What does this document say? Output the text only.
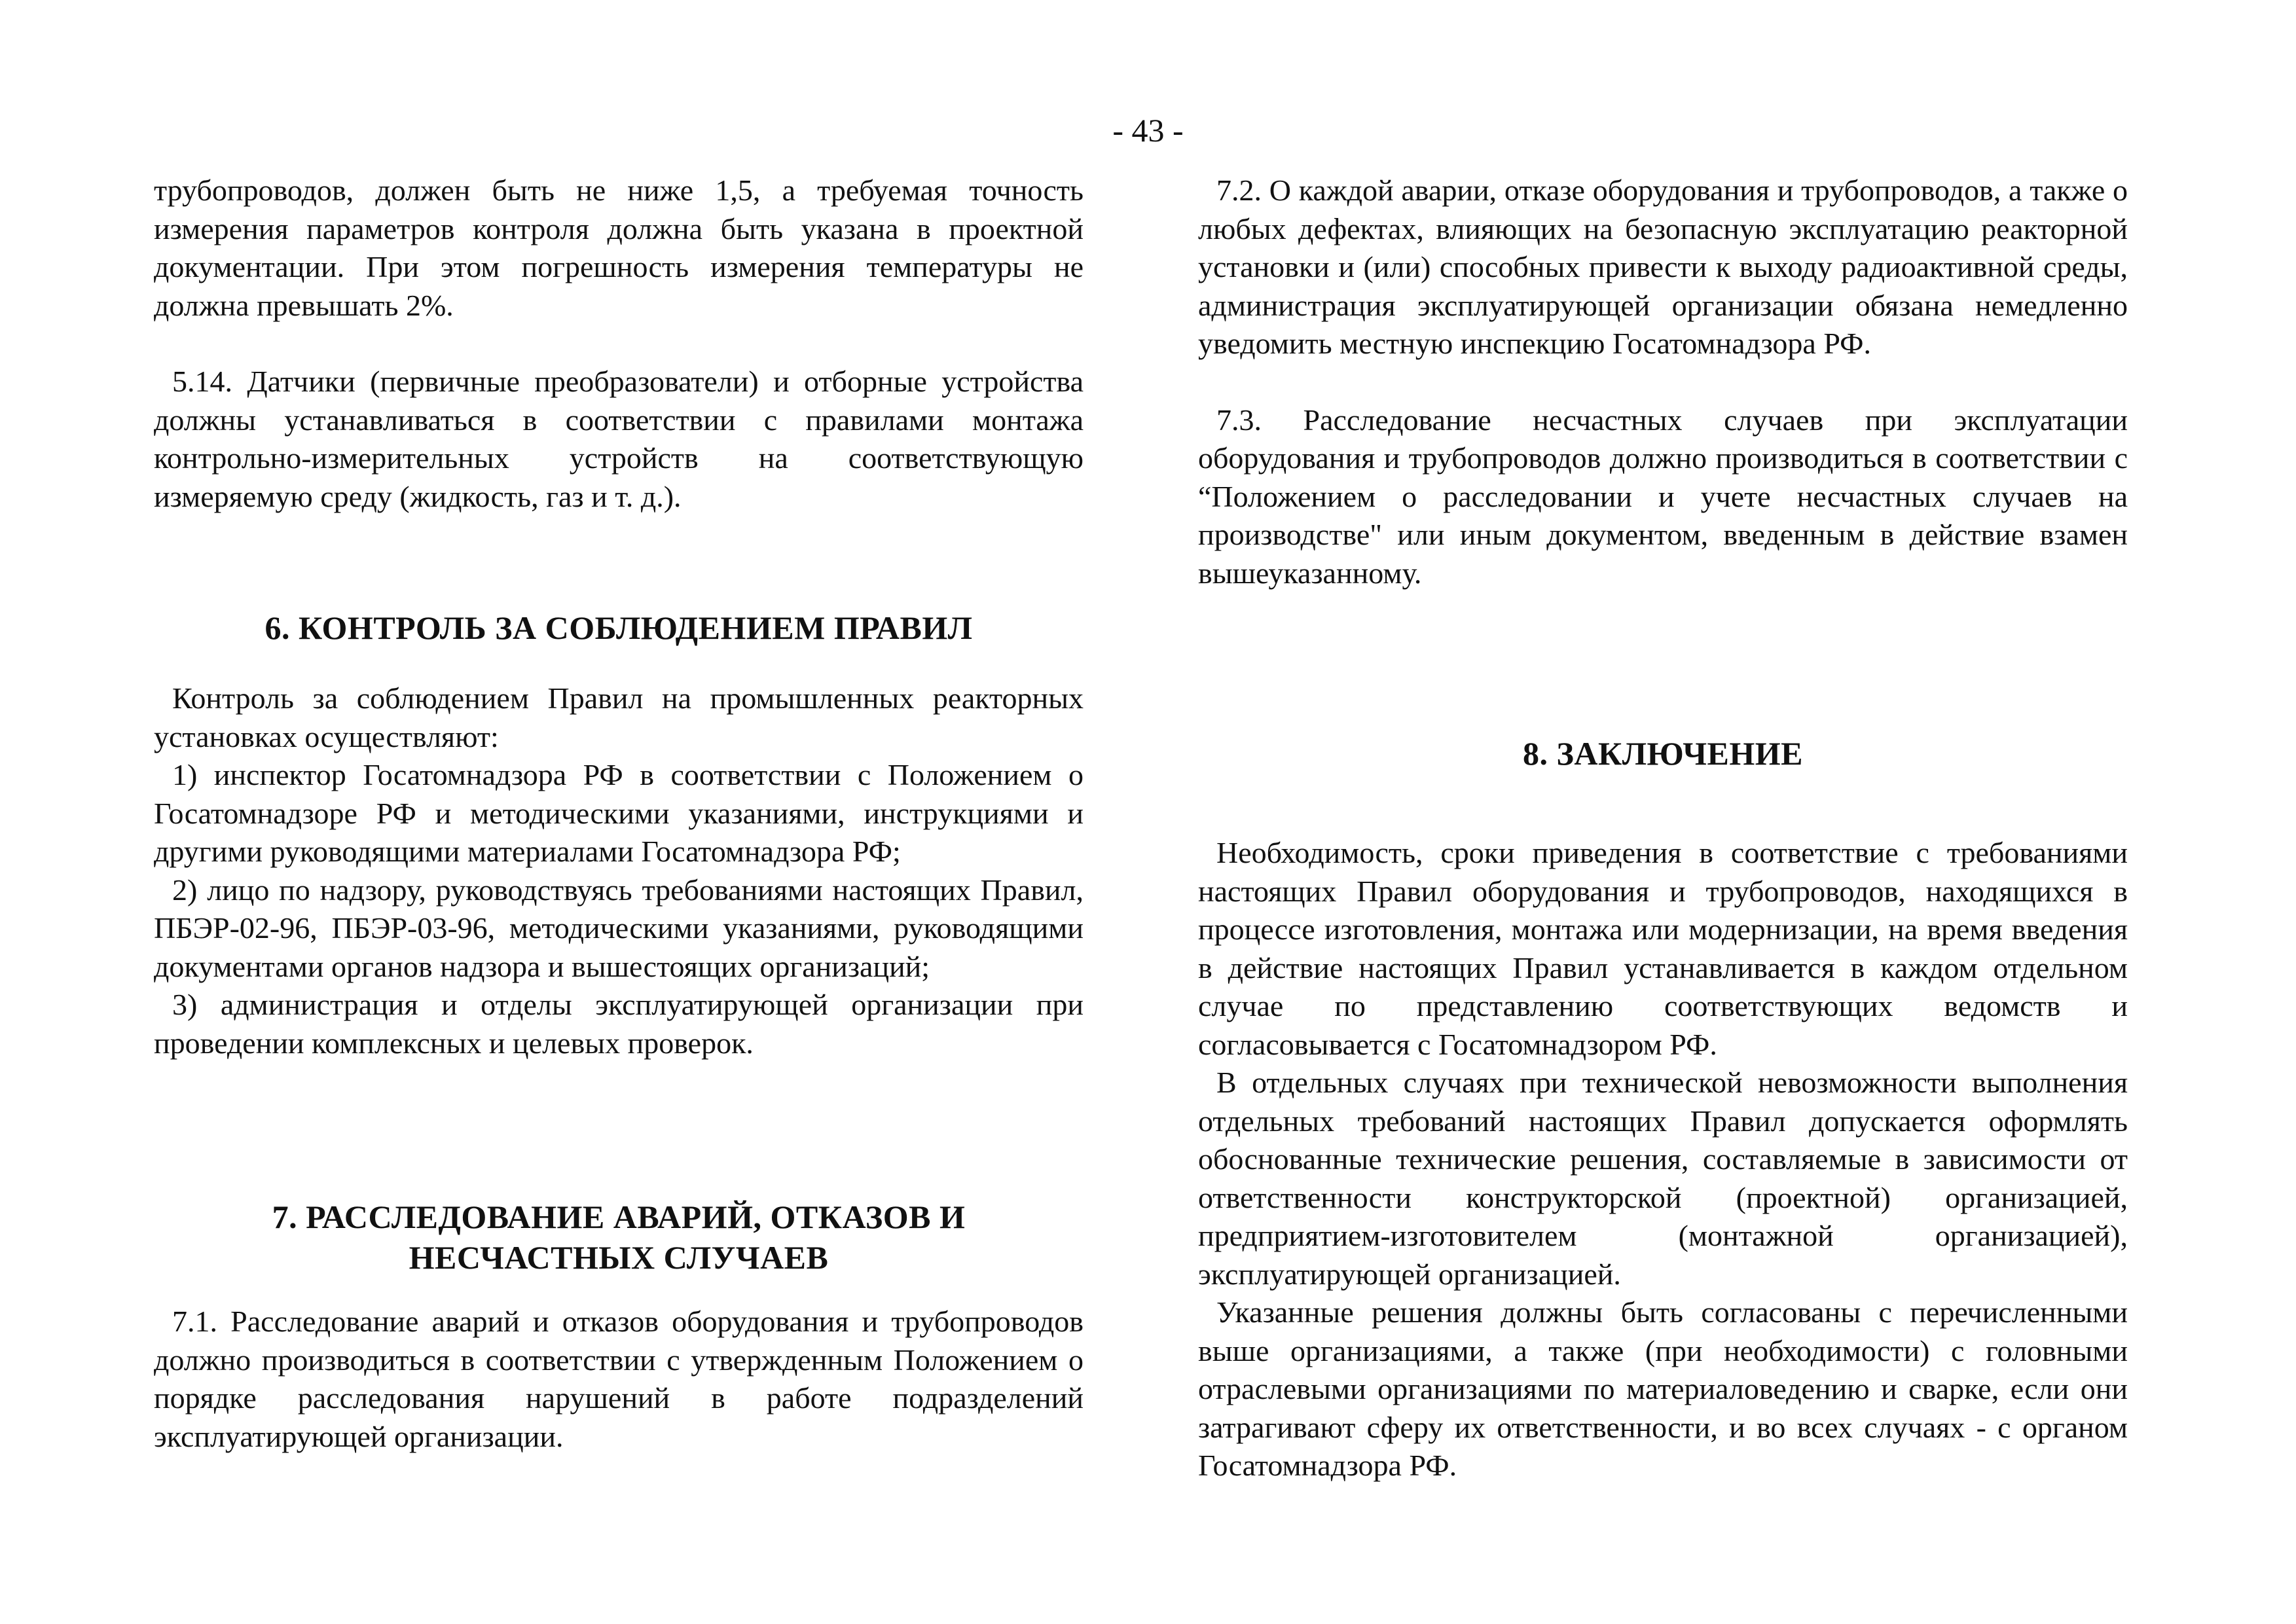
- 43 -

трубопроводов, должен быть не ниже 1,5, а требуемая точность измерения параметров контроля должна быть указана в проектной документации. При этом погрешность измерения температуры не должна превышать 2%.

5.14. Датчики (первичные преобразователи) и отборные устройства должны устанавливаться в соответствии с правилами монтажа контрольно-измерительных устройств на соответствующую измеряемую среду (жидкость, газ и т. д.).

6. КОНТРОЛЬ ЗА СОБЛЮДЕНИЕМ ПРАВИЛ

Контроль за соблюдением Правил на промышленных реакторных установках осуществляют:

1) инспектор Госатомнадзора РФ в соответствии с Положением о Госатомнадзоре РФ и методическими указаниями, инструкциями и другими руководящими материалами Госатомнадзора РФ;

2) лицо по надзору, руководствуясь требованиями настоящих Правил, ПБЭР-02-96, ПБЭР-03-96, методическими указаниями, руководящими документами органов надзора и вышестоящих организаций;

3) администрация и отделы эксплуатирующей организации при проведении комплексных и целевых проверок.

7. РАССЛЕДОВАНИЕ АВАРИЙ, ОТКАЗОВ И
НЕСЧАСТНЫХ СЛУЧАЕВ

7.1. Расследование аварий и отказов оборудования и трубопроводов должно производиться в соответствии с утвержденным Положением о порядке расследования нарушений в работе подразделений эксплуатирующей организации.

7.2. О каждой аварии, отказе оборудования и трубопроводов, а также о любых дефектах, влияющих на безопасную эксплуатацию реакторной установки и (или) способных привести к выходу радиоактивной среды, администрация эксплуатирующей организации обязана немедленно уведомить местную инспекцию Госатомнадзора РФ.

7.3. Расследование несчастных случаев при эксплуатации оборудования и трубопроводов должно производиться в соответствии с “Положением о расследовании и учете несчастных случаев на производстве" или иным документом, введенным в действие взамен вышеуказанному.

8. ЗАКЛЮЧЕНИЕ

Необходимость, сроки приведения в соответствие с требованиями настоящих Правил оборудования и трубопроводов, находящихся в процессе изготовления, монтажа или модернизации, на время введения в действие настоящих Правил устанавливается в каждом отдельном случае по представлению соответствующих ведомств и согласовывается с Госатомнадзором РФ.

В отдельных случаях при технической невозможности выполнения отдельных требований настоящих Правил допускается оформлять обоснованные технические решения, составляемые в зависимости от ответственности конструкторской (проектной) организацией, предприятием-изготовителем (монтажной организацией), эксплуатирующей организацией.

Указанные решения должны быть согласованы с перечисленными выше организациями, а также (при необходимости) с головными отраслевыми организациями по материаловедению и сварке, если они затрагивают сферу их ответственности, и во всех случаях - с органом Госатомнадзора РФ.
